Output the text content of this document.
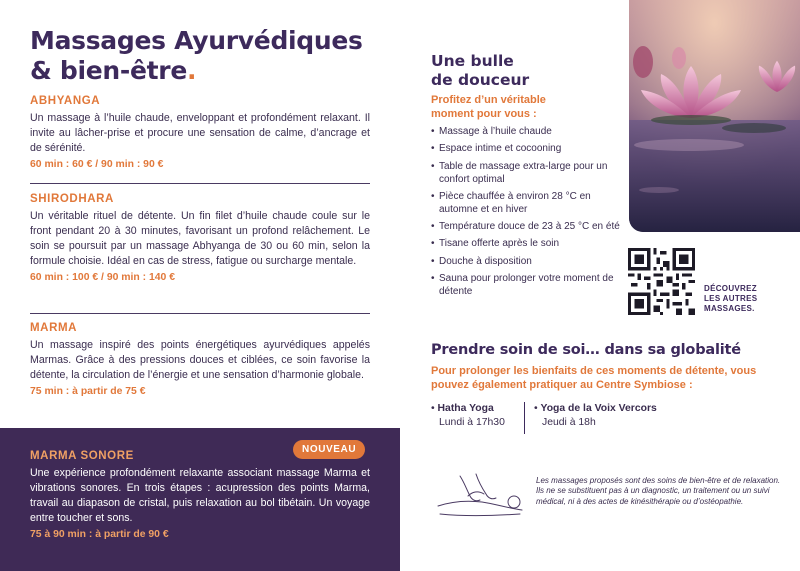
Massages Ayurvédiques
& bien-être.
ABHYANGA

Un massage à l’huile chaude, enveloppant et profondément relaxant. Il invite au lâcher-prise et procure une sensation de calme, d’ancrage et de sérénité.

60 min : 60 € / 90 min : 90 €
SHIRODHARA

Un véritable rituel de détente. Un fin filet d’huile chaude coule sur le front pendant 20 à 30 minutes, favorisant un profond relâchement. Le soin se poursuit par un massage Abhyanga de 30 ou 60 min, selon la formule choisie. Idéal en cas de stress, fatigue ou surcharge mentale.

60 min : 100 € / 90 min : 140 €
MARMA

Un massage inspiré des points énergétiques ayurvédiques appelés Marmas. Grâce à des pressions douces et ciblées, ce soin favorise la détente, la circulation de l’énergie et une sensation d’harmonie globale.

75 min : à partir de 75 €
NOUVEAU
MARMA SONORE

Une expérience profondément relaxante associant massage Marma et vibrations sonores. En trois étapes : acupression des points Marma, travail au diapason de cristal, puis relaxation au bol tibétain. Un voyage entre toucher et sons.

75 à 90 min : à partir de 90 €
Une bulle
de douceur
Profitez d’un véritable moment pour vous :
• Massage à l’huile chaude
• Espace intime et cocooning
• Table de massage extra-large pour un confort optimal
• Pièce chauffée à environ 28 °C en automne et en hiver
• Température douce de 23 à 25 °C en été
• Tisane offerte après le soin
• Douche à disposition
• Sauna pour prolonger votre moment de détente	DÉCOUVREZ LES AUTRES MASSAGES.
Prendre soin de soi… dans sa globalité
Pour prolonger les bienfaits de ces moments de détente, vous pouvez également pratiquer au Centre Symbiose :
• Hatha Yoga
Lundi à 17h30
• Yoga de la Voix Vercors
Jeudi à 18h

Les massages proposés sont des soins de bien-être et de relaxation. Ils ne se substituent pas à un diagnostic, un traitement ou un suivi médical, ni à des actes de kinésithérapie ou d’ostéopathie.
